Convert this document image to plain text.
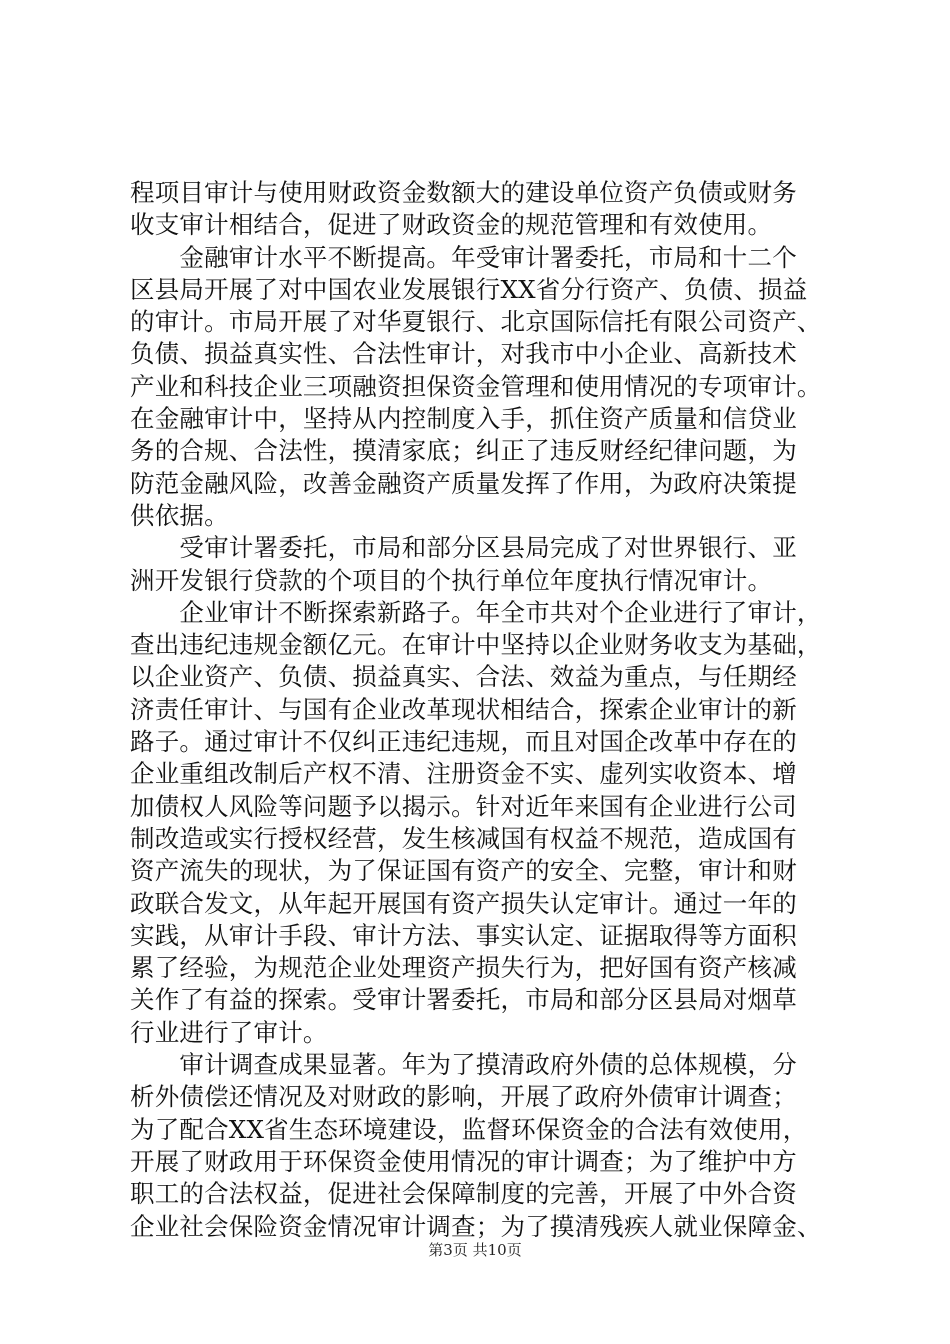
程项目审计与使用财政资金数额大的建设单位资产负债或财务
收支审计相结合，促进了财政资金的规范管理和有效使用。
　　金融审计水平不断提高。年受审计署委托，市局和十二个
区县局开展了对中国农业发展银行XX省分行资产、负债、损益
的审计。市局开展了对华夏银行、北京国际信托有限公司资产、
负债、损益真实性、合法性审计，对我市中小企业、高新技术
产业和科技企业三项融资担保资金管理和使用情况的专项审计。
在金融审计中，坚持从内控制度入手，抓住资产质量和信贷业
务的合规、合法性，摸清家底；纠正了违反财经纪律问题，为
防范金融风险，改善金融资产质量发挥了作用，为政府决策提
供依据。
　　受审计署委托，市局和部分区县局完成了对世界银行、亚
洲开发银行贷款的个项目的个执行单位年度执行情况审计。
　　企业审计不断探索新路子。年全市共对个企业进行了审计，
查出违纪违规金额亿元。在审计中坚持以企业财务收支为基础，
以企业资产、负债、损益真实、合法、效益为重点，与任期经
济责任审计、与国有企业改革现状相结合，探索企业审计的新
路子。通过审计不仅纠正违纪违规，而且对国企改革中存在的
企业重组改制后产权不清、注册资金不实、虚列实收资本、增
加债权人风险等问题予以揭示。针对近年来国有企业进行公司
制改造或实行授权经营，发生核减国有权益不规范，造成国有
资产流失的现状，为了保证国有资产的安全、完整，审计和财
政联合发文，从年起开展国有资产损失认定审计。通过一年的
实践，从审计手段、审计方法、事实认定、证据取得等方面积
累了经验，为规范企业处理资产损失行为，把好国有资产核减
关作了有益的探索。受审计署委托，市局和部分区县局对烟草
行业进行了审计。
　　审计调查成果显著。年为了摸清政府外债的总体规模，分
析外债偿还情况及对财政的影响，开展了政府外债审计调查；
为了配合XX省生态环境建设，监督环保资金的合法有效使用，
开展了财政用于环保资金使用情况的审计调查；为了维护中方
职工的合法权益，促进社会保障制度的完善，开展了中外合资
企业社会保险资金情况审计调查；为了摸清残疾人就业保障金、
第3页 共10页
